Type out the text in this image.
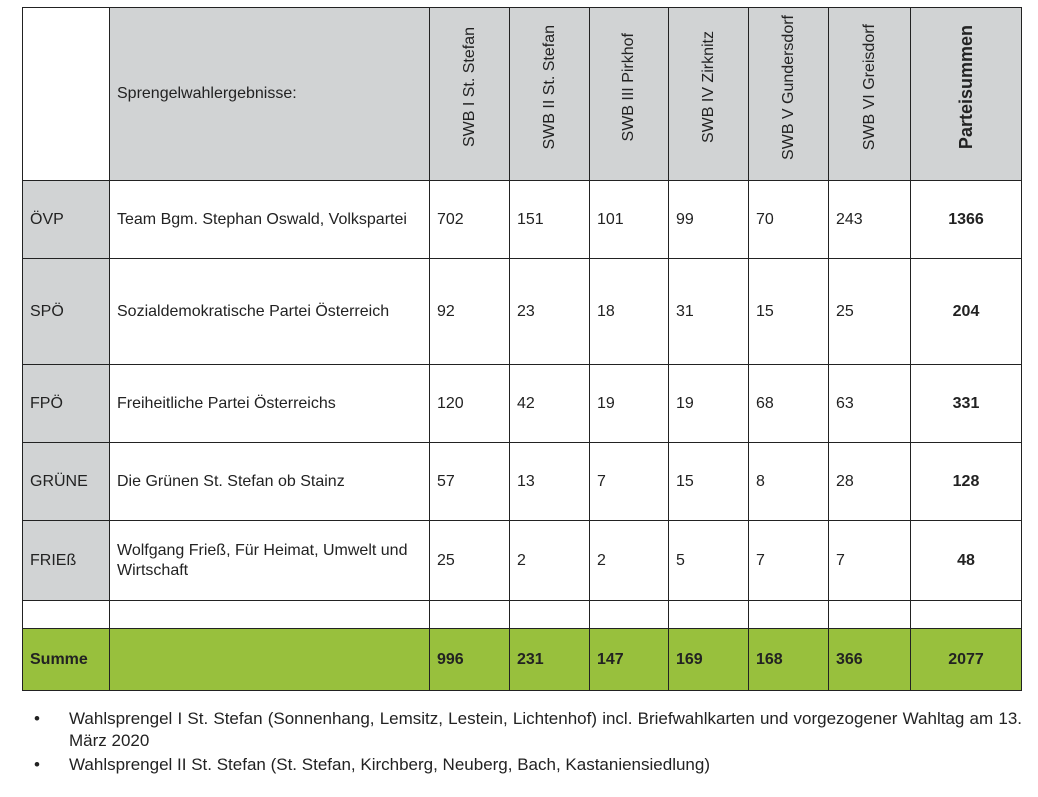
	Sprengelwahlergebnisse:	SWB I St. Stefan	SWB II St. Stefan	SWB III Pirkhof	SWB IV Zirknitz	SWB V Gundersdorf	SWB VI Greisdorf	Parteisummen
ÖVP	Team Bgm. Stephan Oswald, Volkspartei	702	151	101	99	70	243	1366
SPÖ	Sozialdemokratische Partei Österreich	92	23	18	31	15	25	204
FPÖ	Freiheitliche Partei Österreichs	120	42	19	19	68	63	331
GRÜNE	Die Grünen St. Stefan ob Stainz	57	13	7	15	8	28	128
FRIEß	Wolfgang Frieß, Für Heimat, Umwelt und Wirtschaft	25	2	2	5	7	7	48

Summe		996	231	147	169	168	366	2077
•	Wahlsprengel I St. Stefan (Sonnenhang, Lemsitz, Lestein, Lichtenhof) incl. Briefwahlkarten und vorgezogener Wahltag am 13. März 2020
•	Wahlsprengel II St. Stefan (St. Stefan, Kirchberg, Neuberg, Bach, Kastaniensiedlung)
